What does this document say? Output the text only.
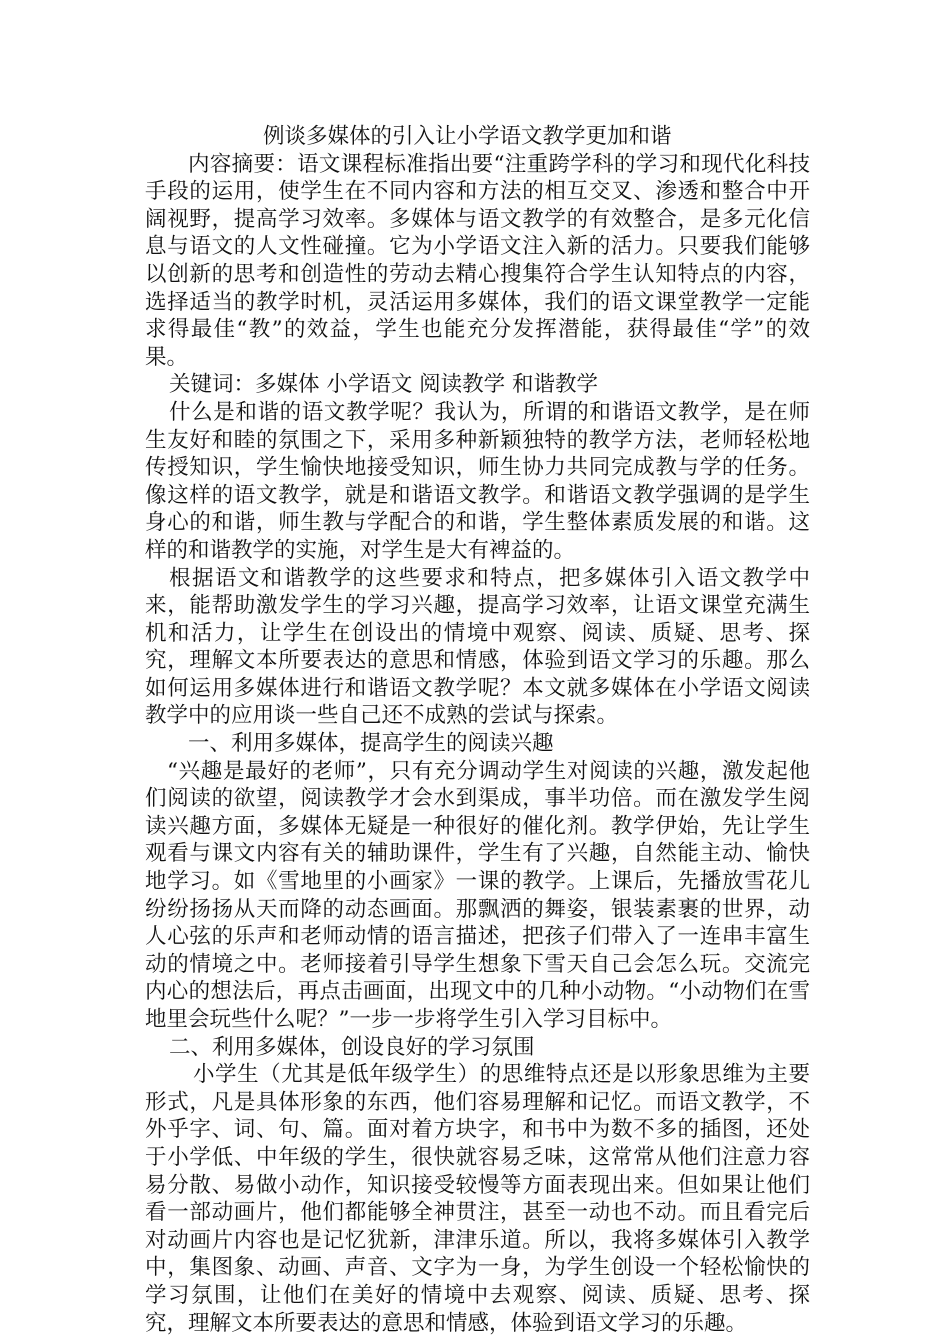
例谈多媒体的引入让小学语文教学更加和谐

内容摘要：语文课程标准指出要“注重跨学科的学习和现代化科技手段的运用，使学生在不同内容和方法的相互交叉、渗透和整合中开阔视野，提高学习效率。多媒体与语文教学的有效整合，是多元化信息与语文的人文性碰撞。它为小学语文注入新的活力。只要我们能够以创新的思考和创造性的劳动去精心搜集符合学生认知特点的内容，选择适当的教学时机，灵活运用多媒体，我们的语文课堂教学一定能求得最佳“教”的效益，学生也能充分发挥潜能，获得最佳“学”的效果。

关键词：多媒体 小学语文 阅读教学 和谐教学

什么是和谐的语文教学呢？我认为，所谓的和谐语文教学，是在师生友好和睦的氛围之下，采用多种新颖独特的教学方法，老师轻松地传授知识，学生愉快地接受知识，师生协力共同完成教与学的任务。像这样的语文教学，就是和谐语文教学。和谐语文教学强调的是学生身心的和谐，师生教与学配合的和谐，学生整体素质发展的和谐。这样的和谐教学的实施，对学生是大有裨益的。

根据语文和谐教学的这些要求和特点，把多媒体引入语文教学中来，能帮助激发学生的学习兴趣，提高学习效率，让语文课堂充满生机和活力，让学生在创设出的情境中观察、阅读、质疑、思考、探究，理解文本所要表达的意思和情感，体验到语文学习的乐趣。那么如何运用多媒体进行和谐语文教学呢？本文就多媒体在小学语文阅读教学中的应用谈一些自己还不成熟的尝试与探索。

一、利用多媒体，提高学生的阅读兴趣

“兴趣是最好的老师”，只有充分调动学生对阅读的兴趣，激发起他们阅读的欲望，阅读教学才会水到渠成，事半功倍。而在激发学生阅读兴趣方面，多媒体无疑是一种很好的催化剂。教学伊始，先让学生观看与课文内容有关的辅助课件，学生有了兴趣，自然能主动、愉快地学习。如《雪地里的小画家》一课的教学。上课后，先播放雪花儿纷纷扬扬从天而降的动态画面。那飘洒的舞姿，银装素裹的世界，动人心弦的乐声和老师动情的语言描述，把孩子们带入了一连串丰富生动的情境之中。老师接着引导学生想象下雪天自己会怎么玩。交流完内心的想法后，再点击画面，出现文中的几种小动物。“小动物们在雪地里会玩些什么呢？”一步一步将学生引入学习目标中。

二、利用多媒体，创设良好的学习氛围

小学生（尤其是低年级学生）的思维特点还是以形象思维为主要形式，凡是具体形象的东西，他们容易理解和记忆。而语文教学，不外乎字、词、句、篇。面对着方块字，和书中为数不多的插图，还处于小学低、中年级的学生，很快就容易乏味，这常常从他们注意力容易分散、易做小动作，知识接受较慢等方面表现出来。但如果让他们看一部动画片，他们都能够全神贯注，甚至一动也不动。而且看完后对动画片内容也是记忆犹新，津津乐道。所以，我将多媒体引入教学中，集图象、动画、声音、文字为一身，为学生创设一个轻松愉快的学习氛围，让他们在美好的情境中去观察、阅读、质疑、思考、探究，理解文本所要表达的意思和情感，体验到语文学习的乐趣。
